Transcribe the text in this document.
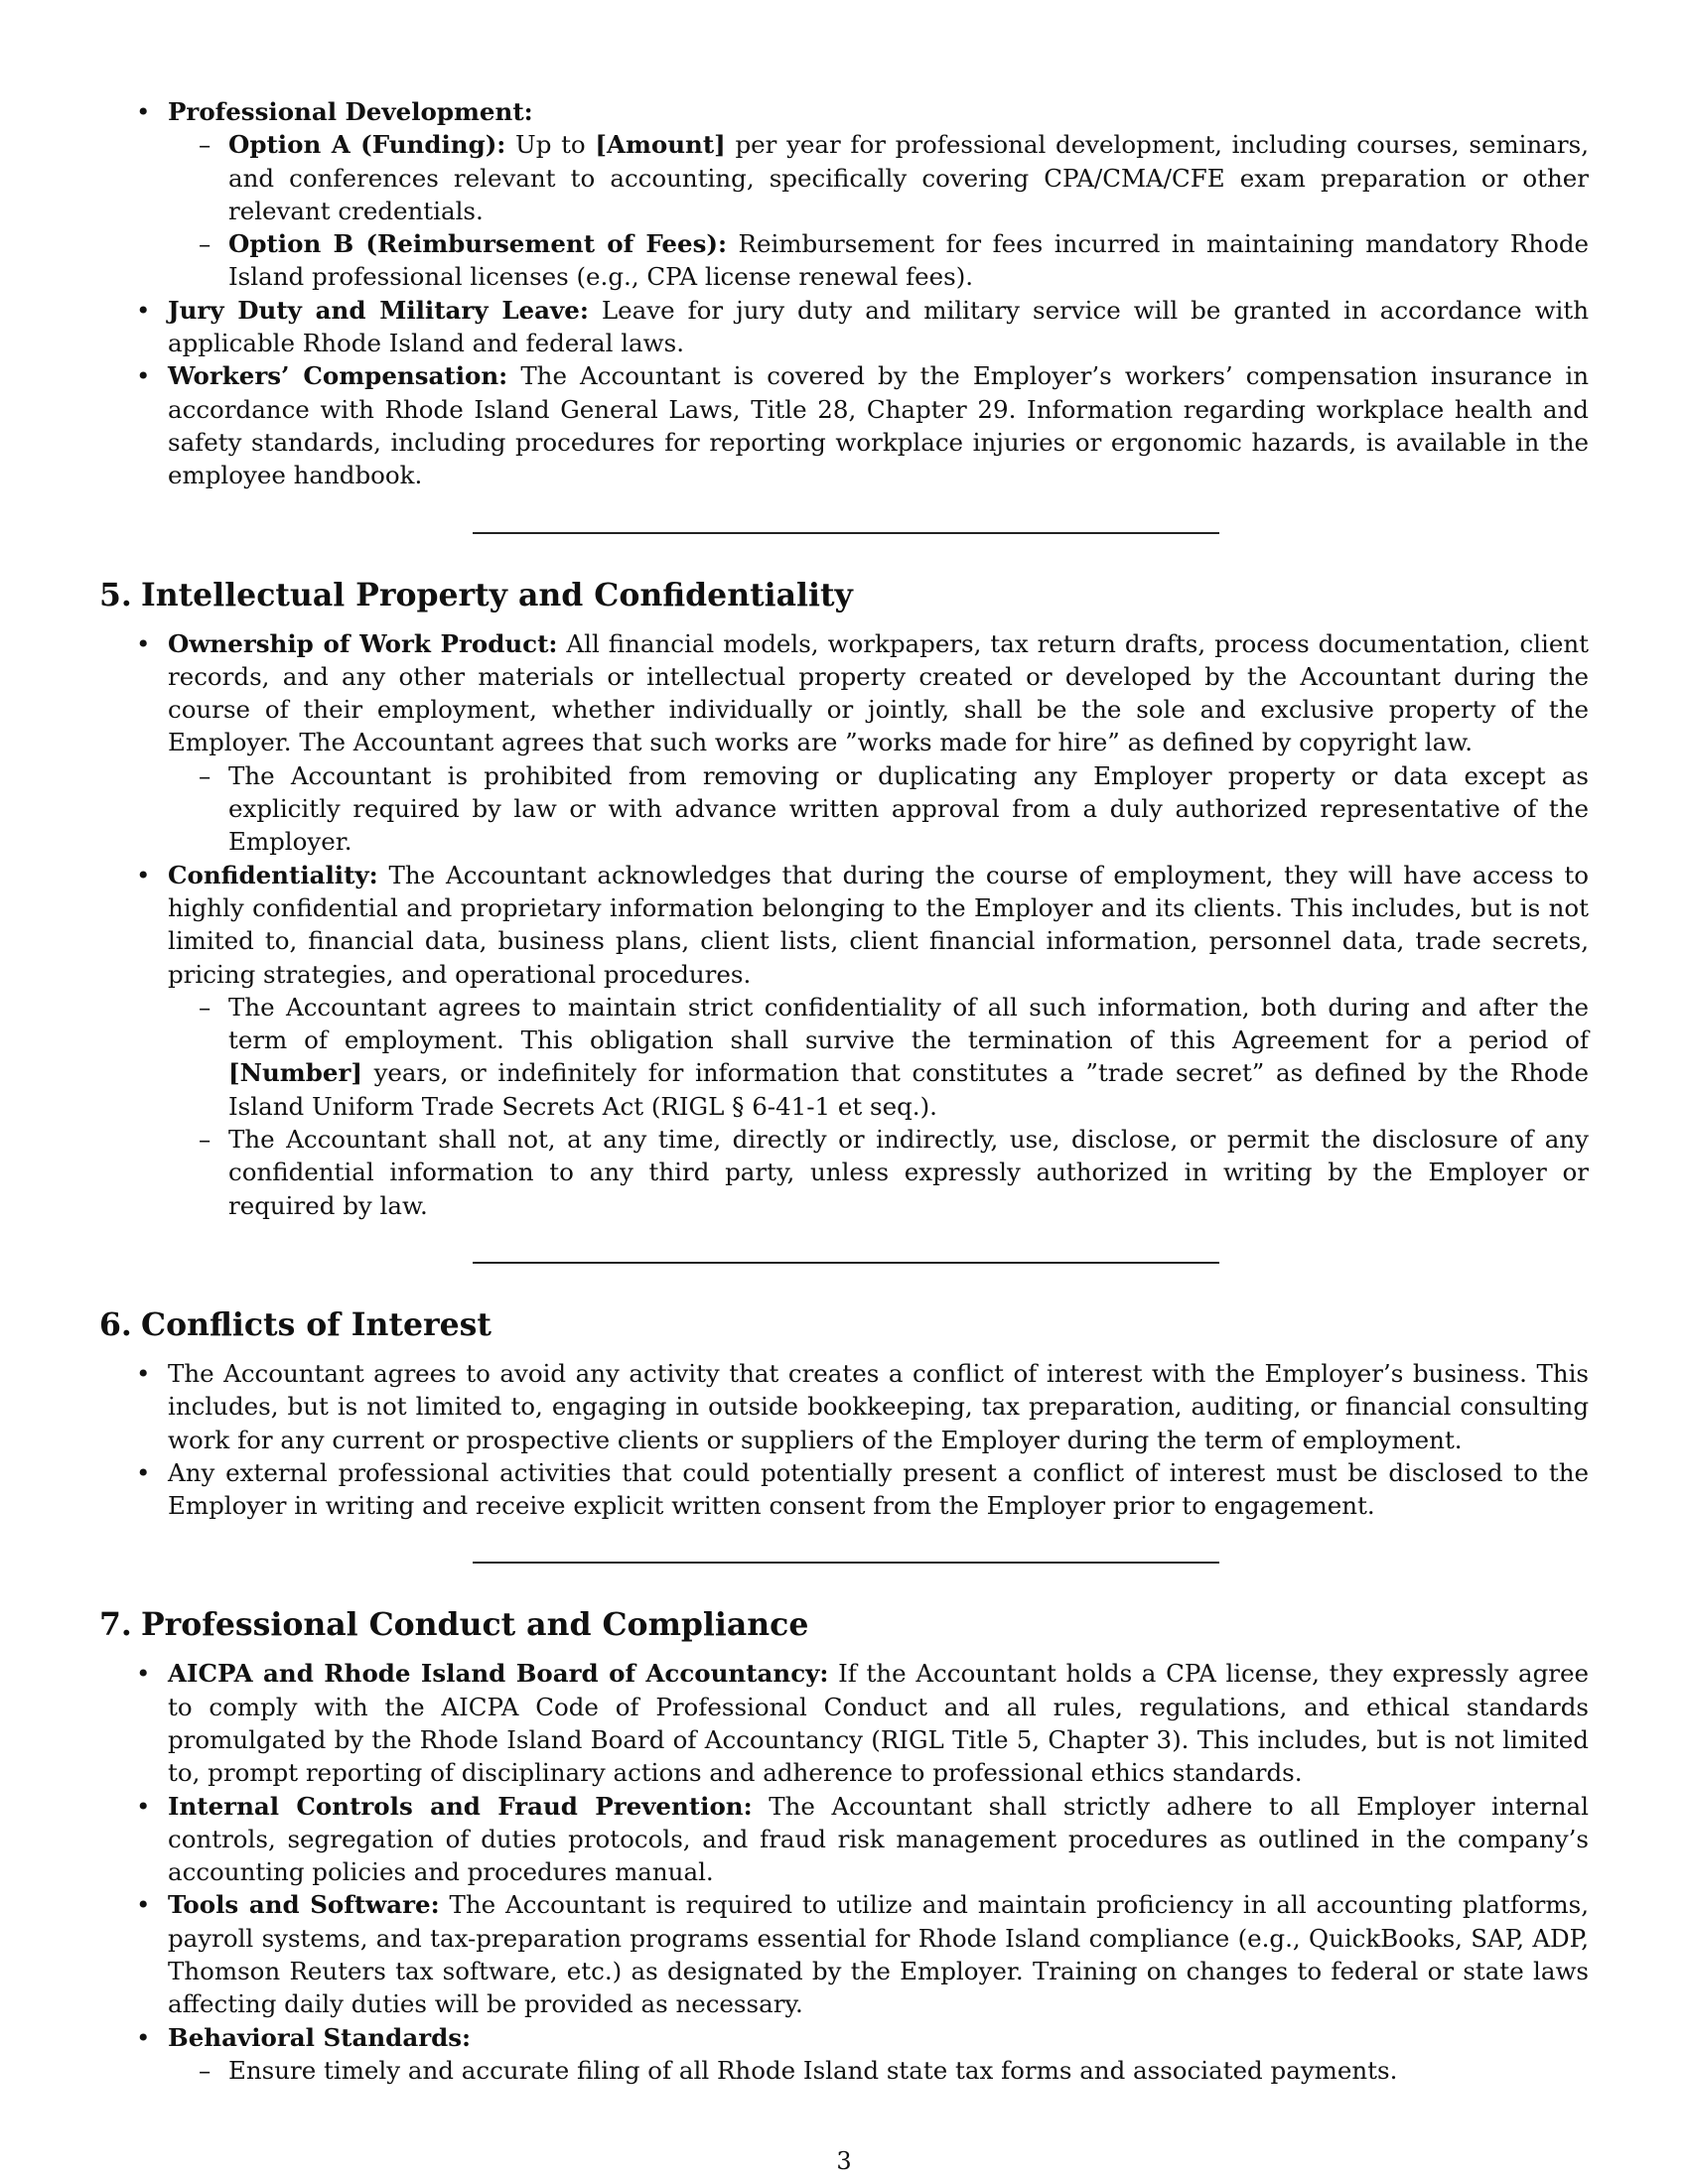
• Professional Development:
– Option A (Funding): Up to [Amount] per year for professional development, including courses, seminars, and conferences relevant to accounting, specifically covering CPA/CMA/CFE exam preparation or other relevant credentials.
– Option B (Reimbursement of Fees): Reimbursement for fees incurred in maintaining mandatory Rhode Island professional licenses (e.g., CPA license renewal fees).
• Jury Duty and Military Leave: Leave for jury duty and military service will be granted in accordance with applicable Rhode Island and federal laws.
• Workers’ Compensation: The Accountant is covered by the Employer’s workers’ compensation insurance in accordance with Rhode Island General Laws, Title 28, Chapter 29. Information regarding workplace health and safety standards, including procedures for reporting workplace injuries or ergonomic hazards, is available in the employee handbook.
5. Intellectual Property and Confidentiality
• Ownership of Work Product: All financial models, workpapers, tax return drafts, process documentation, client records, and any other materials or intellectual property created or developed by the Accountant during the course of their employment, whether individually or jointly, shall be the sole and exclusive property of the Employer. The Accountant agrees that such works are ”works made for hire” as defined by copyright law.
– The Accountant is prohibited from removing or duplicating any Employer property or data except as explicitly required by law or with advance written approval from a duly authorized representative of the Employer.
• Confidentiality: The Accountant acknowledges that during the course of employment, they will have access to highly confidential and proprietary information belonging to the Employer and its clients. This includes, but is not limited to, financial data, business plans, client lists, client financial information, personnel data, trade secrets, pricing strategies, and operational procedures.
– The Accountant agrees to maintain strict confidentiality of all such information, both during and after the term of employment. This obligation shall survive the termination of this Agreement for a period of [Number] years, or indefinitely for information that constitutes a ”trade secret” as defined by the Rhode Island Uniform Trade Secrets Act (RIGL § 6-41-1 et seq.).
– The Accountant shall not, at any time, directly or indirectly, use, disclose, or permit the disclosure of any confidential information to any third party, unless expressly authorized in writing by the Employer or required by law.
6. Conflicts of Interest
• The Accountant agrees to avoid any activity that creates a conflict of interest with the Employer’s business. This includes, but is not limited to, engaging in outside bookkeeping, tax preparation, auditing, or financial consulting work for any current or prospective clients or suppliers of the Employer during the term of employment.
• Any external professional activities that could potentially present a conflict of interest must be disclosed to the Employer in writing and receive explicit written consent from the Employer prior to engagement.
7. Professional Conduct and Compliance
• AICPA and Rhode Island Board of Accountancy: If the Accountant holds a CPA license, they expressly agree to comply with the AICPA Code of Professional Conduct and all rules, regulations, and ethical standards promulgated by the Rhode Island Board of Accountancy (RIGL Title 5, Chapter 3). This includes, but is not limited to, prompt reporting of disciplinary actions and adherence to professional ethics standards.
• Internal Controls and Fraud Prevention: The Accountant shall strictly adhere to all Employer internal controls, segregation of duties protocols, and fraud risk management procedures as outlined in the company’s accounting policies and procedures manual.
• Tools and Software: The Accountant is required to utilize and maintain proficiency in all accounting platforms, payroll systems, and tax-preparation programs essential for Rhode Island compliance (e.g., QuickBooks, SAP, ADP, Thomson Reuters tax software, etc.) as designated by the Employer. Training on changes to federal or state laws affecting daily duties will be provided as necessary.
• Behavioral Standards:
– Ensure timely and accurate filing of all Rhode Island state tax forms and associated payments.
3
